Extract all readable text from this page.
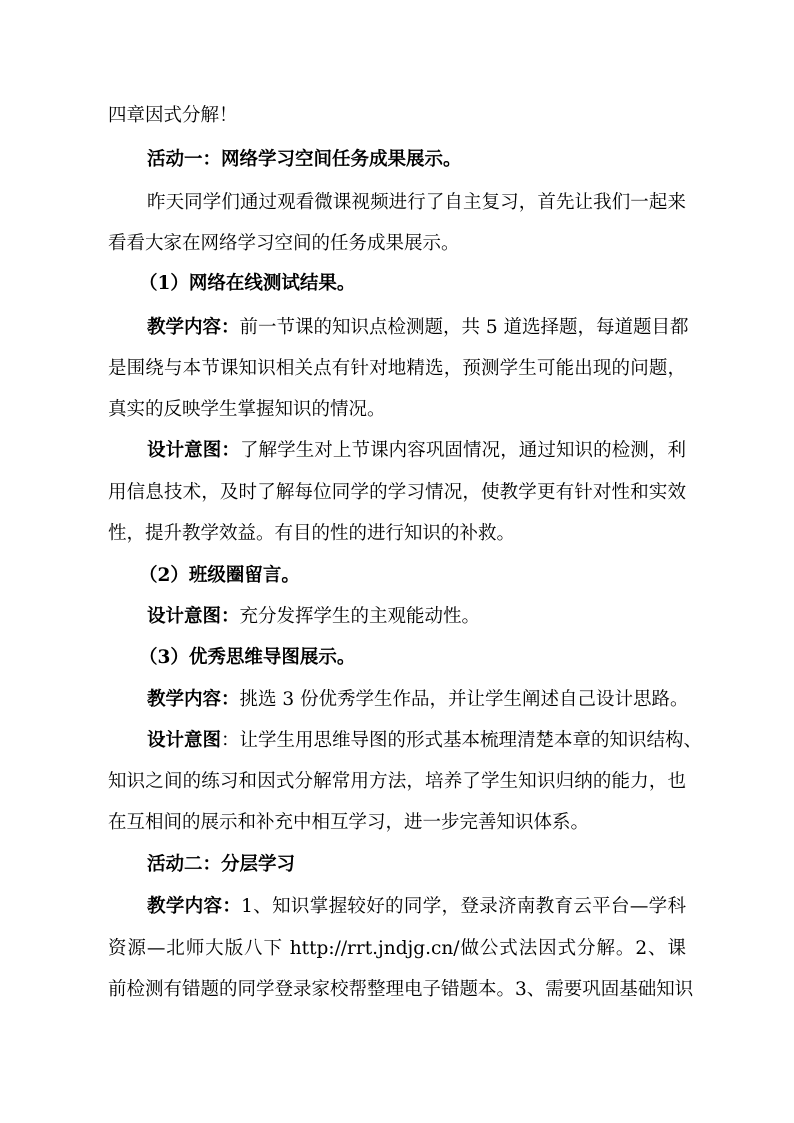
四章因式分解！
活动一：网络学习空间任务成果展示。
昨天同学们通过观看微课视频进行了自主复习，首先让我们一起来
看看大家在网络学习空间的任务成果展示。
（1）网络在线测试结果。
教学内容：前一节课的知识点检测题，共 5 道选择题，每道题目都
是围绕与本节课知识相关点有针对地精选，预测学生可能出现的问题，
真实的反映学生掌握知识的情况。
设计意图：了解学生对上节课内容巩固情况，通过知识的检测，利
用信息技术，及时了解每位同学的学习情况，使教学更有针对性和实效
性，提升教学效益。有目的性的进行知识的补救。
（2）班级圈留言。
设计意图：充分发挥学生的主观能动性。
（3）优秀思维导图展示。
教学内容：挑选 3 份优秀学生作品，并让学生阐述自己设计思路。
设计意图：让学生用思维导图的形式基本梳理清楚本章的知识结构、
知识之间的练习和因式分解常用方法，培养了学生知识归纳的能力，也
在互相间的展示和补充中相互学习，进一步完善知识体系。
活动二：分层学习
教学内容：1、知识掌握较好的同学，登录济南教育云平台—学科
资源—北师大版八下 http://rrt.jndjg.cn/做公式法因式分解。2、课
前检测有错题的同学登录家校帮整理电子错题本。3、需要巩固基础知识
